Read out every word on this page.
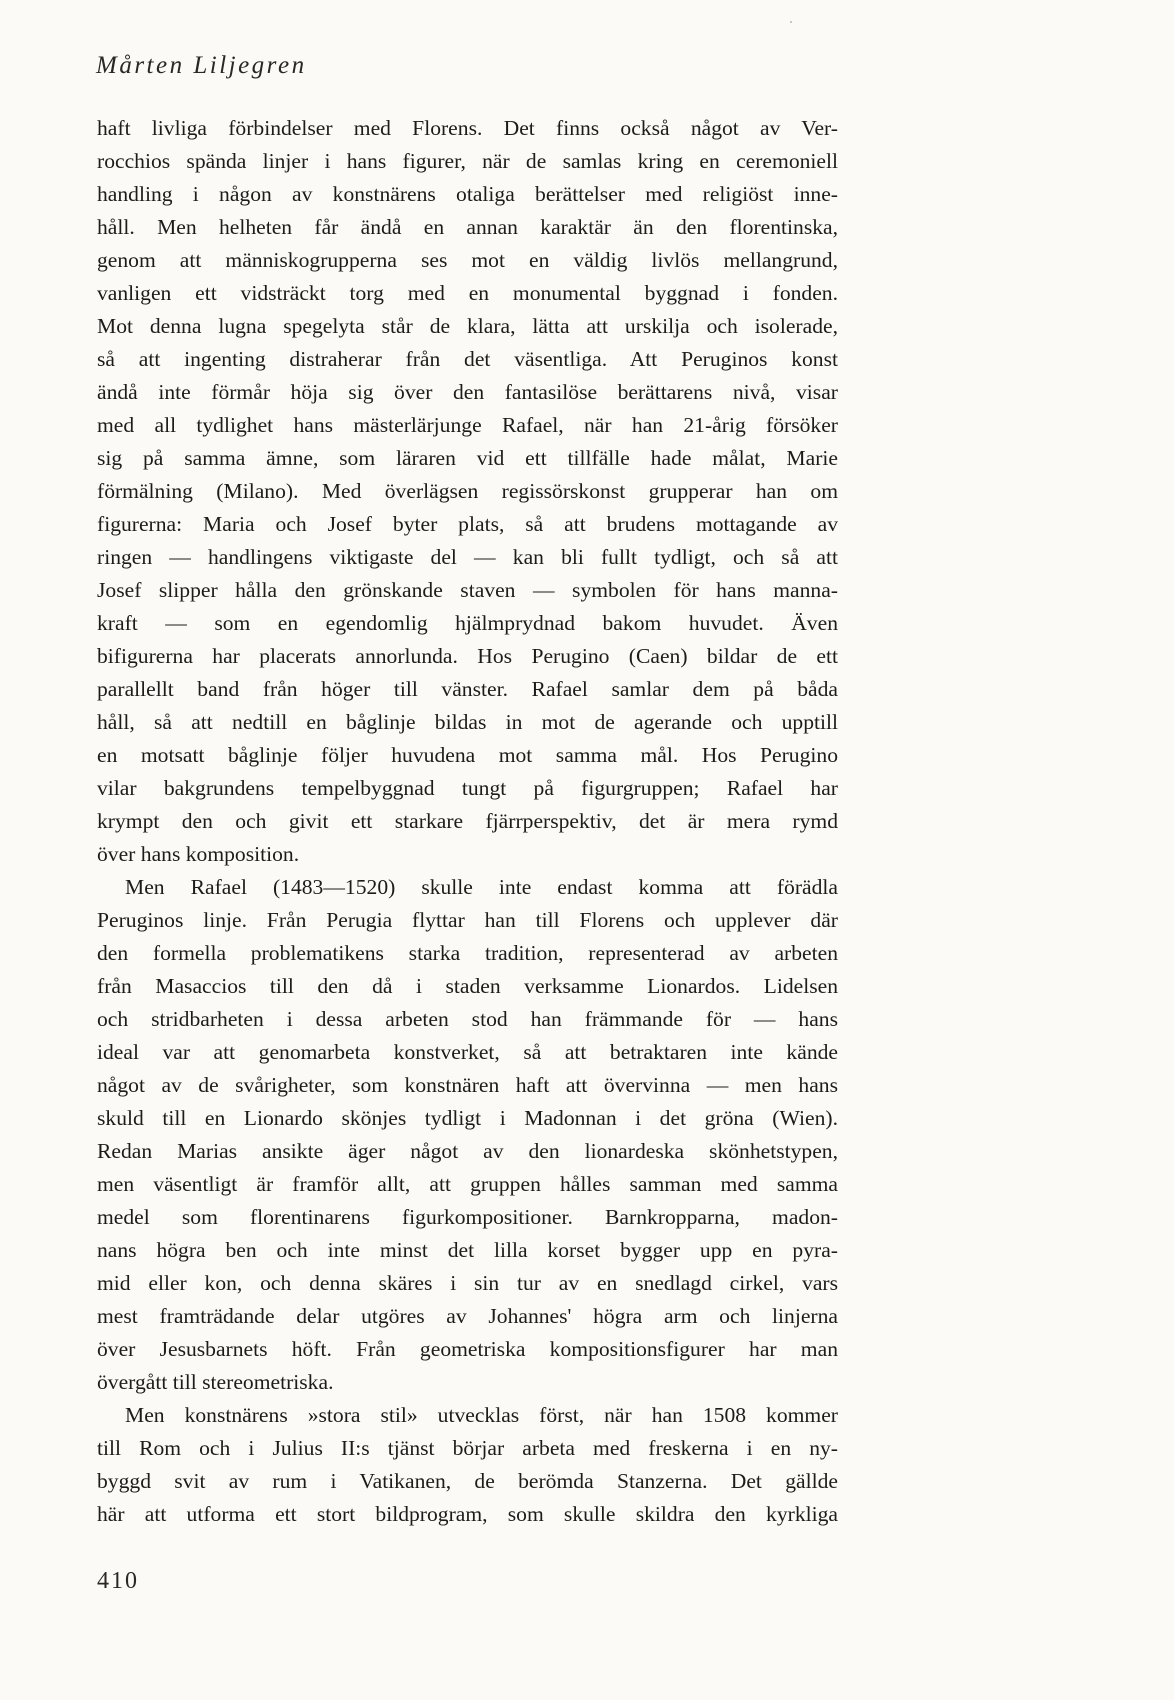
Mårten Liljegren
haft livliga förbindelser med Florens. Det finns också något av Ver-
rocchios spända linjer i hans figurer, när de samlas kring en ceremoniell
handling i någon av konstnärens otaliga berättelser med religiöst inne-
håll. Men helheten får ändå en annan karaktär än den florentinska,
genom att människogrupperna ses mot en väldig livlös mellangrund,
vanligen ett vidsträckt torg med en monumental byggnad i fonden.
Mot denna lugna spegelyta står de klara, lätta att urskilja och isolerade,
så att ingenting distraherar från det väsentliga. Att Peruginos konst
ändå inte förmår höja sig över den fantasilöse berättarens nivå, visar
med all tydlighet hans mästerlärjunge Rafael, när han 21-årig försöker
sig på samma ämne, som läraren vid ett tillfälle hade målat, Marie
förmälning (Milano). Med överlägsen regissörskonst grupperar han om
figurerna: Maria och Josef byter plats, så att brudens mottagande av
ringen — handlingens viktigaste del — kan bli fullt tydligt, och så att
Josef slipper hålla den grönskande staven — symbolen för hans manna-
kraft — som en egendomlig hjälmprydnad bakom huvudet. Även
bifigurerna har placerats annorlunda. Hos Perugino (Caen) bildar de ett
parallellt band från höger till vänster. Rafael samlar dem på båda
håll, så att nedtill en båglinje bildas in mot de agerande och upptill
en motsatt båglinje följer huvudena mot samma mål. Hos Perugino
vilar bakgrundens tempelbyggnad tungt på figurgruppen; Rafael har
krympt den och givit ett starkare fjärrperspektiv, det är mera rymd
över hans komposition.
Men Rafael (1483—1520) skulle inte endast komma att förädla
Peruginos linje. Från Perugia flyttar han till Florens och upplever där
den formella problematikens starka tradition, representerad av arbeten
från Masaccios till den då i staden verksamme Lionardos. Lidelsen
och stridbarheten i dessa arbeten stod han främmande för — hans
ideal var att genomarbeta konstverket, så att betraktaren inte kände
något av de svårigheter, som konstnären haft att övervinna — men hans
skuld till en Lionardo skönjes tydligt i Madonnan i det gröna (Wien).
Redan Marias ansikte äger något av den lionardeska skönhetstypen,
men väsentligt är framför allt, att gruppen hålles samman med samma
medel som florentinarens figurkompositioner. Barnkropparna, madon-
nans högra ben och inte minst det lilla korset bygger upp en pyra-
mid eller kon, och denna skäres i sin tur av en snedlagd cirkel, vars
mest framträdande delar utgöres av Johannes' högra arm och linjerna
över Jesusbarnets höft. Från geometriska kompositionsfigurer har man
övergått till stereometriska.
Men konstnärens »stora stil» utvecklas först, när han 1508 kommer
till Rom och i Julius II:s tjänst börjar arbeta med freskerna i en ny-
byggd svit av rum i Vatikanen, de berömda Stanzerna. Det gällde
här att utforma ett stort bildprogram, som skulle skildra den kyrkliga
410
